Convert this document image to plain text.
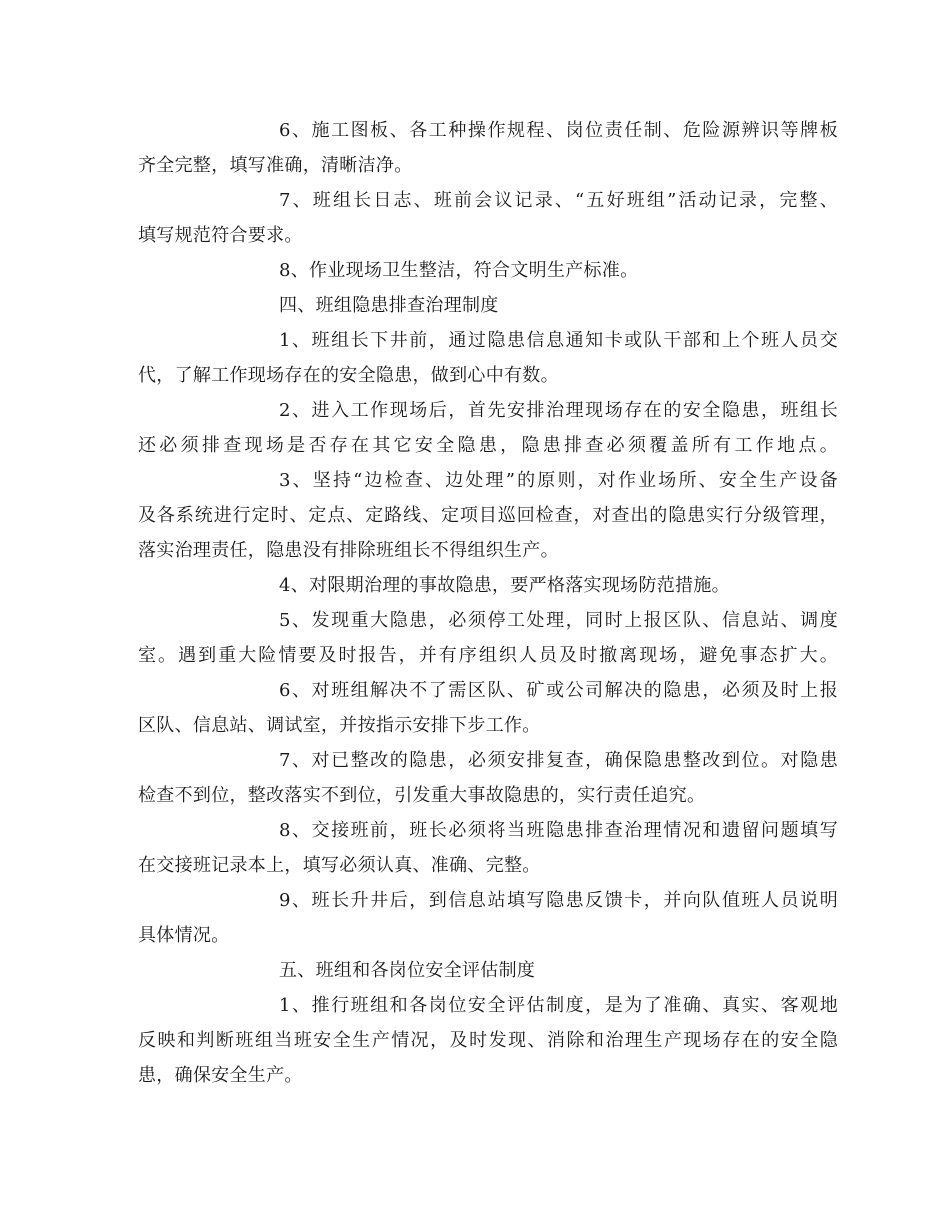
6、施工图板、各工种操作规程、岗位责任制、危险源辨识等牌板
齐全完整，填写准确，清晰洁净。
7、班组长日志、班前会议记录、“五好班组”活动记录，完整、
填写规范符合要求。
8、作业现场卫生整洁，符合文明生产标准。
四、班组隐患排查治理制度
1、班组长下井前，通过隐患信息通知卡或队干部和上个班人员交
代，了解工作现场存在的安全隐患，做到心中有数。
2、进入工作现场后，首先安排治理现场存在的安全隐患，班组长
还必须排查现场是否存在其它安全隐患，隐患排查必须覆盖所有工作地点。
3、坚持“边检查、边处理”的原则，对作业场所、安全生产设备
及各系统进行定时、定点、定路线、定项目巡回检查，对查出的隐患实行分级管理，
落实治理责任，隐患没有排除班组长不得组织生产。
4、对限期治理的事故隐患，要严格落实现场防范措施。
5、发现重大隐患，必须停工处理，同时上报区队、信息站、调度
室。遇到重大险情要及时报告，并有序组织人员及时撤离现场，避免事态扩大。
6、对班组解决不了需区队、矿或公司解决的隐患，必须及时上报
区队、信息站、调试室，并按指示安排下步工作。
7、对已整改的隐患，必须安排复查，确保隐患整改到位。对隐患
检查不到位，整改落实不到位，引发重大事故隐患的，实行责任追究。
8、交接班前，班长必须将当班隐患排查治理情况和遗留问题填写
在交接班记录本上，填写必须认真、准确、完整。
9、班长升井后，到信息站填写隐患反馈卡，并向队值班人员说明
具体情况。
五、班组和各岗位安全评估制度
1、推行班组和各岗位安全评估制度，是为了准确、真实、客观地
反映和判断班组当班安全生产情况，及时发现、消除和治理生产现场存在的安全隐
患，确保安全生产。
